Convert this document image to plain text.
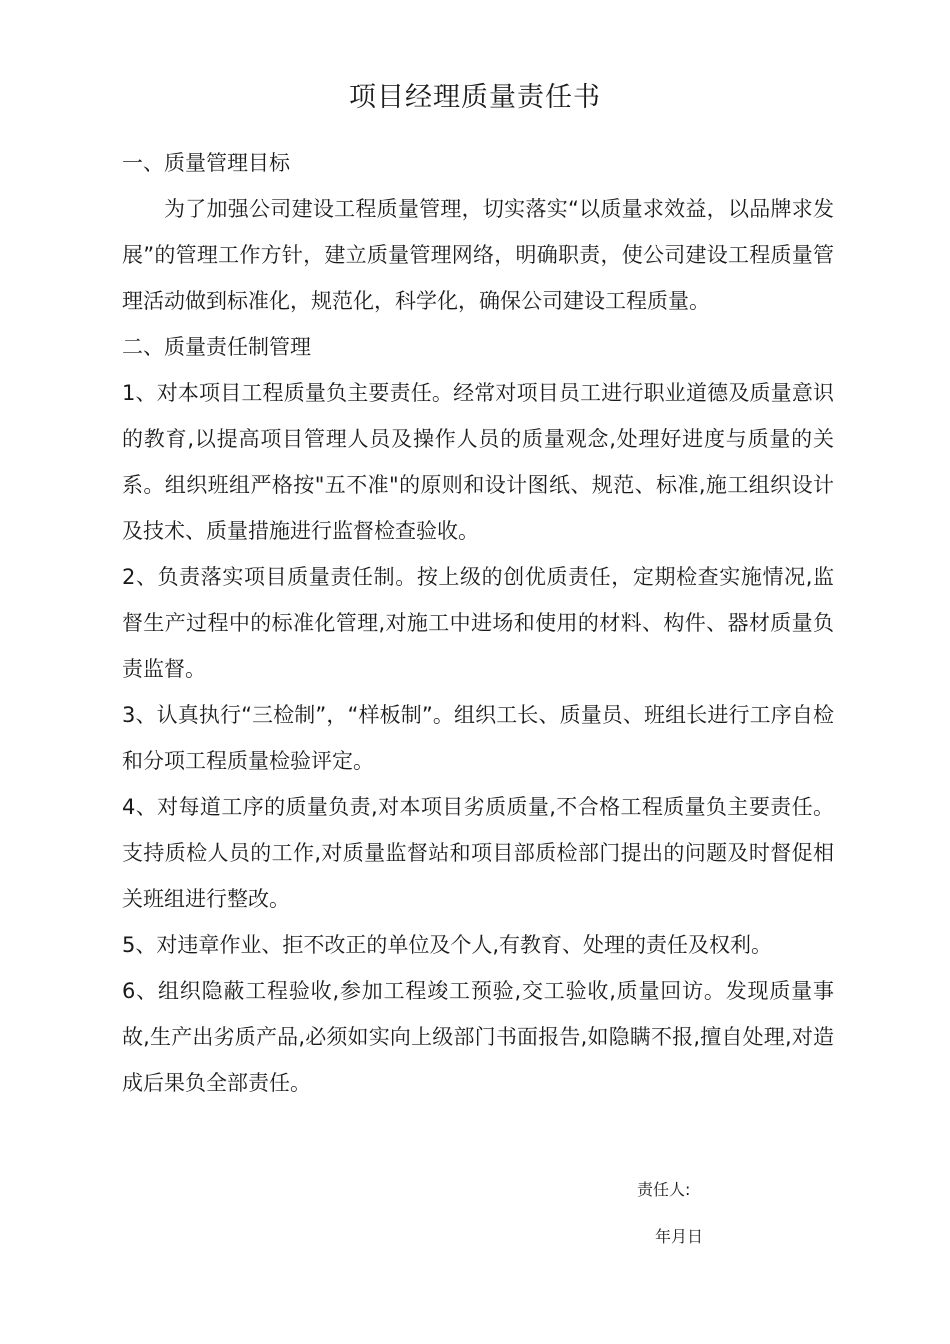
项目经理质量责任书

一、质量管理目标

为了加强公司建设工程质量管理，切实落实“以质量求效益，以品牌求发展”的管理工作方针，建立质量管理网络，明确职责，使公司建设工程质量管理活动做到标准化，规范化，科学化，确保公司建设工程质量。

二、质量责任制管理

1、对本项目工程质量负主要责任。经常对项目员工进行职业道德及质量意识的教育,以提高项目管理人员及操作人员的质量观念,处理好进度与质量的关系。组织班组严格按"五不准"的原则和设计图纸、规范、标准,施工组织设计及技术、质量措施进行监督检查验收。

2、负责落实项目质量责任制。按上级的创优质责任，定期检查实施情况,监督生产过程中的标准化管理,对施工中进场和使用的材料、构件、器材质量负责监督。

3、认真执行“三检制”，“样板制”。组织工长、质量员、班组长进行工序自检和分项工程质量检验评定。

4、对每道工序的质量负责,对本项目劣质质量,不合格工程质量负主要责任。支持质检人员的工作,对质量监督站和项目部质检部门提出的问题及时督促相关班组进行整改。

5、对违章作业、拒不改正的单位及个人,有教育、处理的责任及权利。

6、组织隐蔽工程验收,参加工程竣工预验,交工验收,质量回访。发现质量事故,生产出劣质产品,必须如实向上级部门书面报告,如隐瞒不报,擅自处理,对造成后果负全部责任。

责任人:
年月日
